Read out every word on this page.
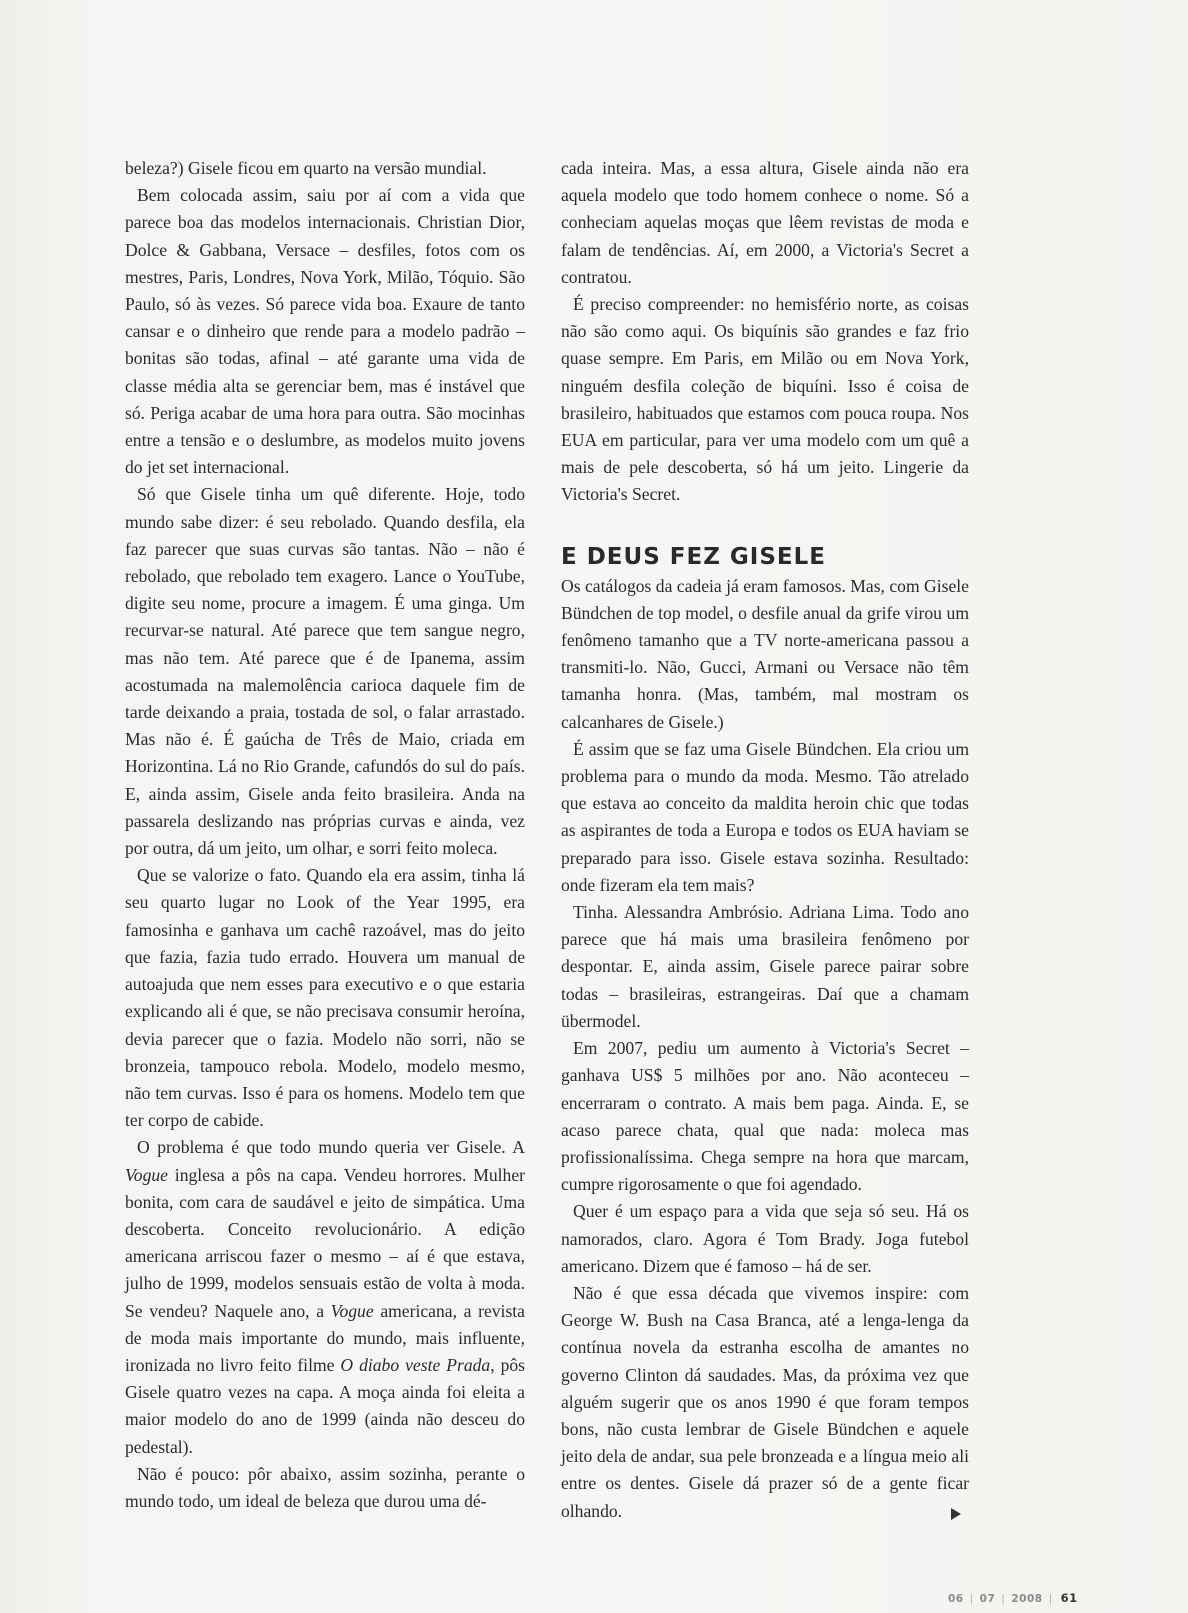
beleza?) Gisele ficou em quarto na versão mundial.

Bem colocada assim, saiu por aí com a vida que parece boa das modelos internacionais. Christian Dior, Dolce & Gabbana, Versace – desfiles, fotos com os mestres, Paris, Londres, Nova York, Milão, Tóquio. São Paulo, só às vezes. Só parece vida boa. Exaure de tanto cansar e o dinheiro que rende para a modelo padrão – bonitas são todas, afinal – até garante uma vida de classe média alta se gerenciar bem, mas é instável que só. Periga acabar de uma hora para outra. São mocinhas entre a tensão e o deslumbre, as modelos muito jovens do jet set internacional.

Só que Gisele tinha um quê diferente. Hoje, todo mundo sabe dizer: é seu rebolado. Quando desfila, ela faz parecer que suas curvas são tantas. Não – não é rebolado, que rebolado tem exagero. Lance o YouTube, digite seu nome, procure a imagem. É uma ginga. Um recurvar-se natural. Até parece que tem sangue negro, mas não tem. Até parece que é de Ipanema, assim acostumada na malemolência carioca daquele fim de tarde deixando a praia, tostada de sol, o falar arrastado. Mas não é. É gaúcha de Três de Maio, criada em Horizontina. Lá no Rio Grande, cafundós do sul do país. E, ainda assim, Gisele anda feito brasileira. Anda na passarela deslizando nas próprias curvas e ainda, vez por outra, dá um jeito, um olhar, e sorri feito moleca.

Que se valorize o fato. Quando ela era assim, tinha lá seu quarto lugar no Look of the Year 1995, era famosinha e ganhava um cachê razoável, mas do jeito que fazia, fazia tudo errado. Houvera um manual de autoajuda que nem esses para executivo e o que estaria explicando ali é que, se não precisava consumir heroína, devia parecer que o fazia. Modelo não sorri, não se bronzeia, tampouco rebola. Modelo, modelo mesmo, não tem curvas. Isso é para os homens. Modelo tem que ter corpo de cabide.

O problema é que todo mundo queria ver Gisele. A Vogue inglesa a pôs na capa. Vendeu horrores. Mulher bonita, com cara de saudável e jeito de simpática. Uma descoberta. Conceito revolucionário. A edição americana arriscou fazer o mesmo – aí é que estava, julho de 1999, modelos sensuais estão de volta à moda. Se vendeu? Naquele ano, a Vogue americana, a revista de moda mais importante do mundo, mais influente, ironizada no livro feito filme O diabo veste Prada, pôs Gisele quatro vezes na capa. A moça ainda foi eleita a maior modelo do ano de 1999 (ainda não desceu do pedestal).

Não é pouco: pôr abaixo, assim sozinha, perante o mundo todo, um ideal de beleza que durou uma dé-

cada inteira. Mas, a essa altura, Gisele ainda não era aquela modelo que todo homem conhece o nome. Só a conheciam aquelas moças que lêem revistas de moda e falam de tendências. Aí, em 2000, a Victoria's Secret a contratou.

É preciso compreender: no hemisfério norte, as coisas não são como aqui. Os biquínis são grandes e faz frio quase sempre. Em Paris, em Milão ou em Nova York, ninguém desfila coleção de biquíni. Isso é coisa de brasileiro, habituados que estamos com pouca roupa. Nos EUA em particular, para ver uma modelo com um quê a mais de pele descoberta, só há um jeito. Lingerie da Victoria's Secret.

E DEUS FEZ GISELE

Os catálogos da cadeia já eram famosos. Mas, com Gisele Bündchen de top model, o desfile anual da grife virou um fenômeno tamanho que a TV norte-americana passou a transmiti-lo. Não, Gucci, Armani ou Versace não têm tamanha honra. (Mas, também, mal mostram os calcanhares de Gisele.)

É assim que se faz uma Gisele Bündchen. Ela criou um problema para o mundo da moda. Mesmo. Tão atrelado que estava ao conceito da maldita heroin chic que todas as aspirantes de toda a Europa e todos os EUA haviam se preparado para isso. Gisele estava sozinha. Resultado: onde fizeram ela tem mais?

Tinha. Alessandra Ambrósio. Adriana Lima. Todo ano parece que há mais uma brasileira fenômeno por despontar. E, ainda assim, Gisele parece pairar sobre todas – brasileiras, estrangeiras. Daí que a chamam übermodel.

Em 2007, pediu um aumento à Victoria's Secret – ganhava US$ 5 milhões por ano. Não aconteceu – encerraram o contrato. A mais bem paga. Ainda. E, se acaso parece chata, qual que nada: moleca mas profissionalíssima. Chega sempre na hora que marcam, cumpre rigorosamente o que foi agendado.

Quer é um espaço para a vida que seja só seu. Há os namorados, claro. Agora é Tom Brady. Joga futebol americano. Dizem que é famoso – há de ser.

Não é que essa década que vivemos inspire: com George W. Bush na Casa Branca, até a lenga-lenga da contínua novela da estranha escolha de amantes no governo Clinton dá saudades. Mas, da próxima vez que alguém sugerir que os anos 1990 é que foram tempos bons, não custa lembrar de Gisele Bündchen e aquele jeito dela de andar, sua pele bronzeada e a língua meio ali entre os dentes. Gisele dá prazer só de a gente ficar olhando.

06 | 07 | 2008 | 61
